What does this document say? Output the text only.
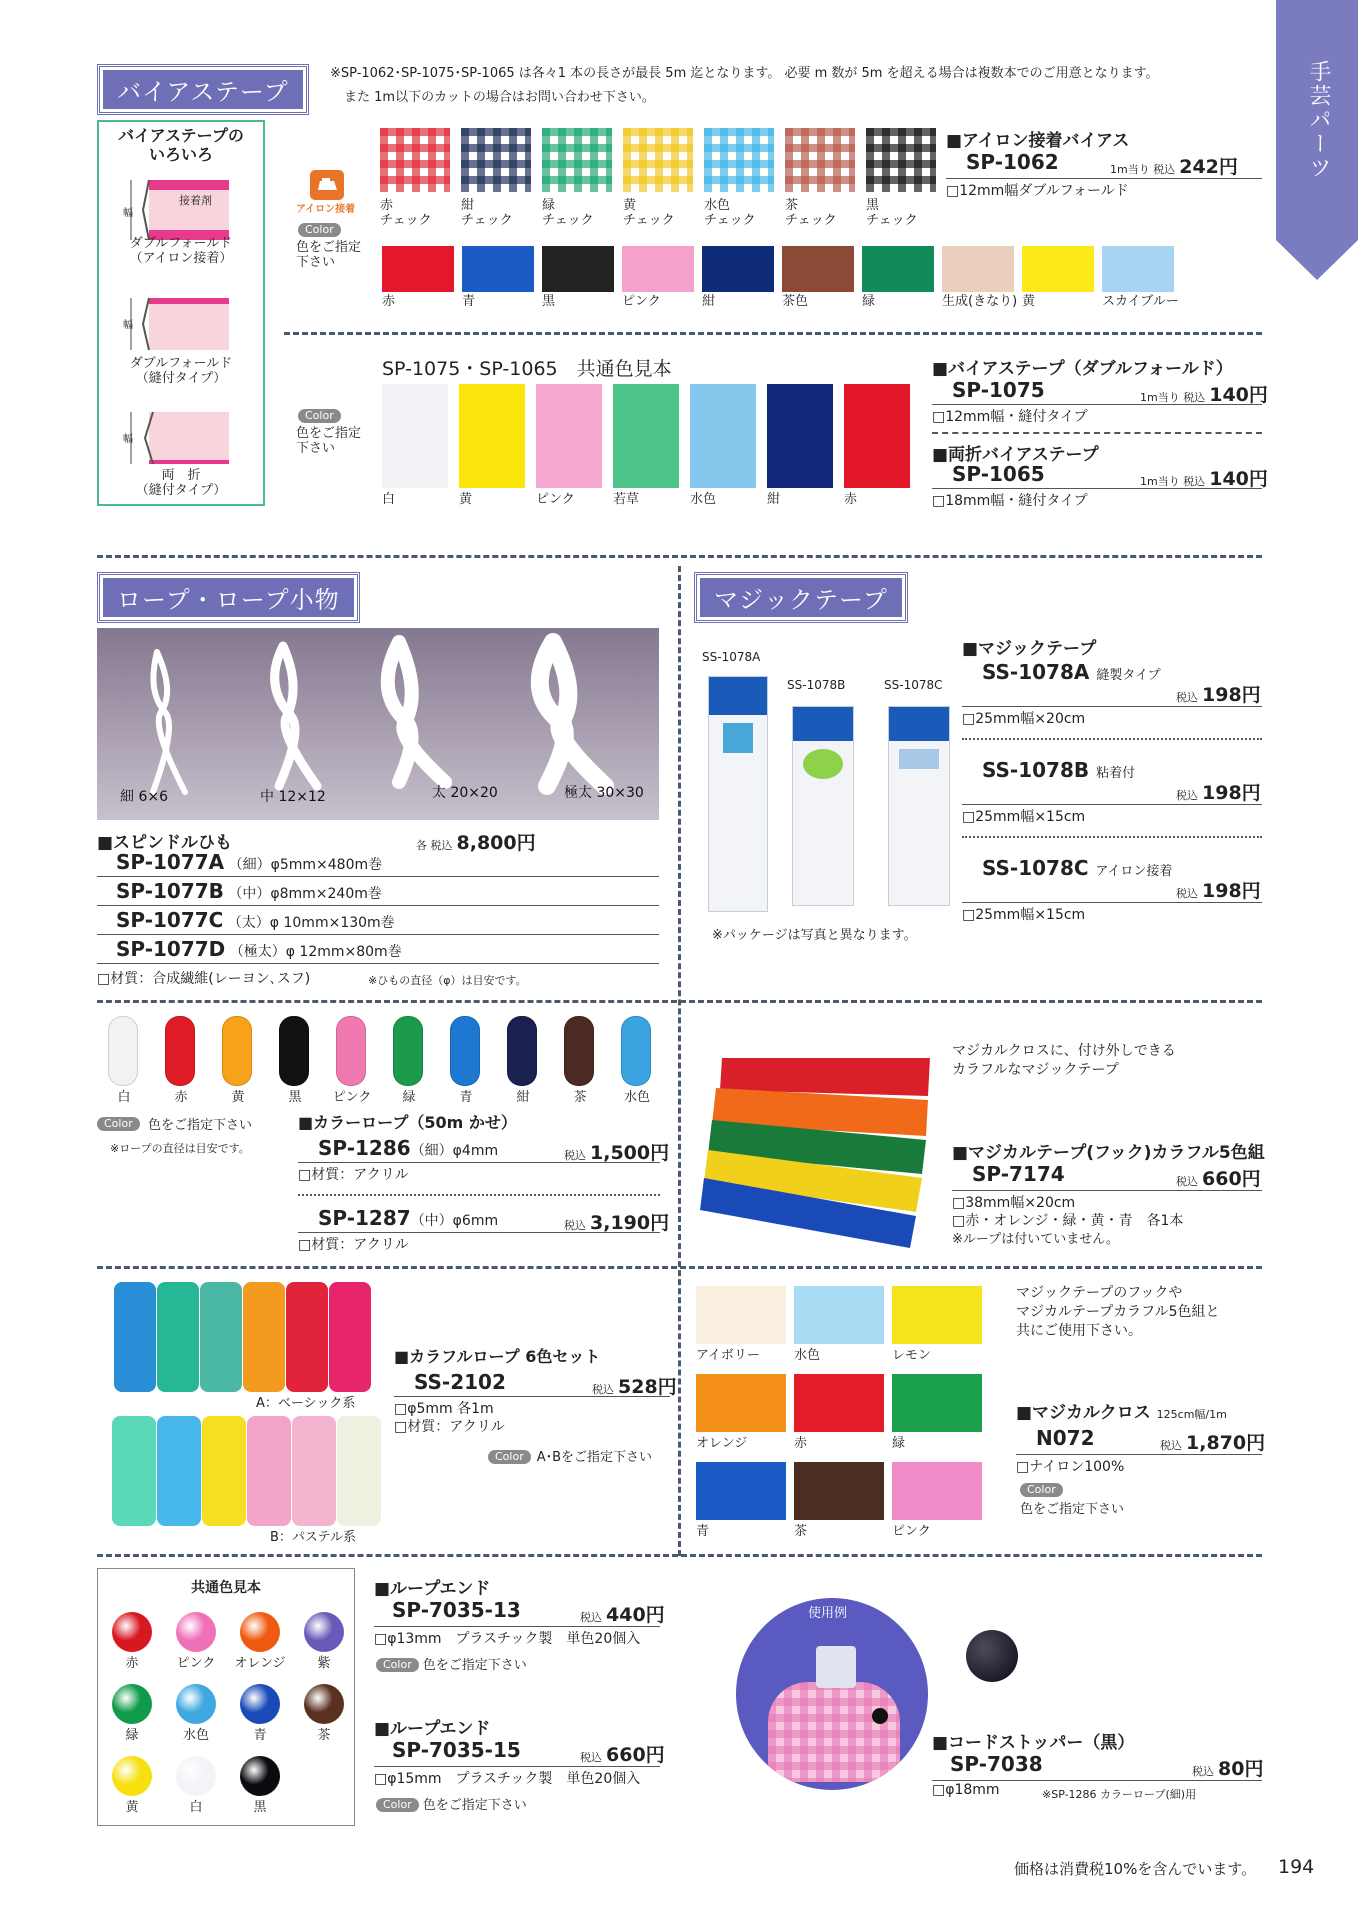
手芸パーツ
バイアステープ
※SP-1062･SP-1075･SP-1065 は各々1 本の長さが最長 5m 迄となります。 必要 m 数が 5m を超える場合は複数本でのご用意となります。
また 1m以下のカットの場合はお問い合わせ下さい。
バイアステープの
いろいろ
接着剤
幅
ダブルフォールド
（アイロン接着）
幅
ダブルフォールド
（縫付タイプ）
幅
両　折
（縫付タイプ）
アイロン接着
Color
色をご指定
下さい
赤
チェック
紺
チェック
緑
チェック
黄
チェック
水色
チェック
茶
チェック
黒
チェック
赤	青	黒	ピンク	紺	茶色	緑	生成(きなり) 黄	スカイブルー
■アイロン接着バイアス
SP-1062	1m当り 税込 242円
□12mm幅ダブルフォールド
SP-1075・SP-1065　共通色見本
Color
色をご指定
下さい
白	黄	ピンク	若草	水色	紺	赤
■バイアステープ（ダブルフォールド）
SP-1075	1m当り 税込 140円
□12mm幅・縫付タイプ
■両折バイアステープ
SP-1065	1m当り 税込 140円
□18mm幅・縫付タイプ
ロープ・ロープ小物
細 6×6	中 12×12	太 20×20	極太 30×30
■スピンドルひも	各 税込 8,800円
SP-1077A （細）φ5mm×480m巻
SP-1077B （中）φ8mm×240m巻
SP-1077C （太）φ 10mm×130m巻
SP-1077D （極太）φ 12mm×80m巻
□材質：合成繊維(レーヨン､スフ)	※ひもの直径（φ）は目安です。
白	赤	黄	黒	ピンク	緑	青	紺	茶	水色
Color	色をご指定下さい
※ロープの直径は目安です。
■カラーロープ（50m かせ）
SP-1286（細）φ4mm	税込 1,500円
□材質：アクリル
SP-1287（中）φ6mm	税込 3,190円
□材質：アクリル
A：ベーシック系
B：パステル系
■カラフルロープ 6色セット
SS-2102	税込 528円
□φ5mm 各1m
□材質：アクリル
Color A･Bをご指定下さい
マジックテープ
SS-1078A
SS-1078B	SS-1078C
※パッケージは写真と異なります。
■マジックテープ
SS-1078A 縫製タイプ
税込 198円
□25mm幅×20cm
SS-1078B 粘着付
税込 198円
□25mm幅×15cm
SS-1078C アイロン接着
税込 198円
□25mm幅×15cm
マジカルクロスに、付け外しできる
カラフルなマジックテープ
■マジカルテープ(フック)カラフル5色組
SP-7174	税込 660円
□38mm幅×20cm
□赤・オレンジ・緑・黄・青　各1本
※ループは付いていません。
アイボリー	水色	レモン
オレンジ	赤	緑
青	茶	ピンク
マジックテープのフックや
マジカルテープカラフル5色組と
共にご使用下さい。
■マジカルクロス 125cm幅/1m
N072	税込 1,870円
□ナイロン100%
Color
色をご指定下さい
共通色見本
赤	ピンク	オレンジ	紫
緑	水色	青	茶
黄	白	黒
■ループエンド
SP-7035-13	税込 440円
□φ13mm　プラスチック製　単色20個入
Color 色をご指定下さい
■ループエンド
SP-7035-15	税込 660円
□φ15mm　プラスチック製　単色20個入
Color 色をご指定下さい
使用例
■コードストッパー（黒）
SP-7038	税込 80円
□φ18mm	※SP-1286 カラーロープ(細)用
価格は消費税10%を含んでいます。 194
